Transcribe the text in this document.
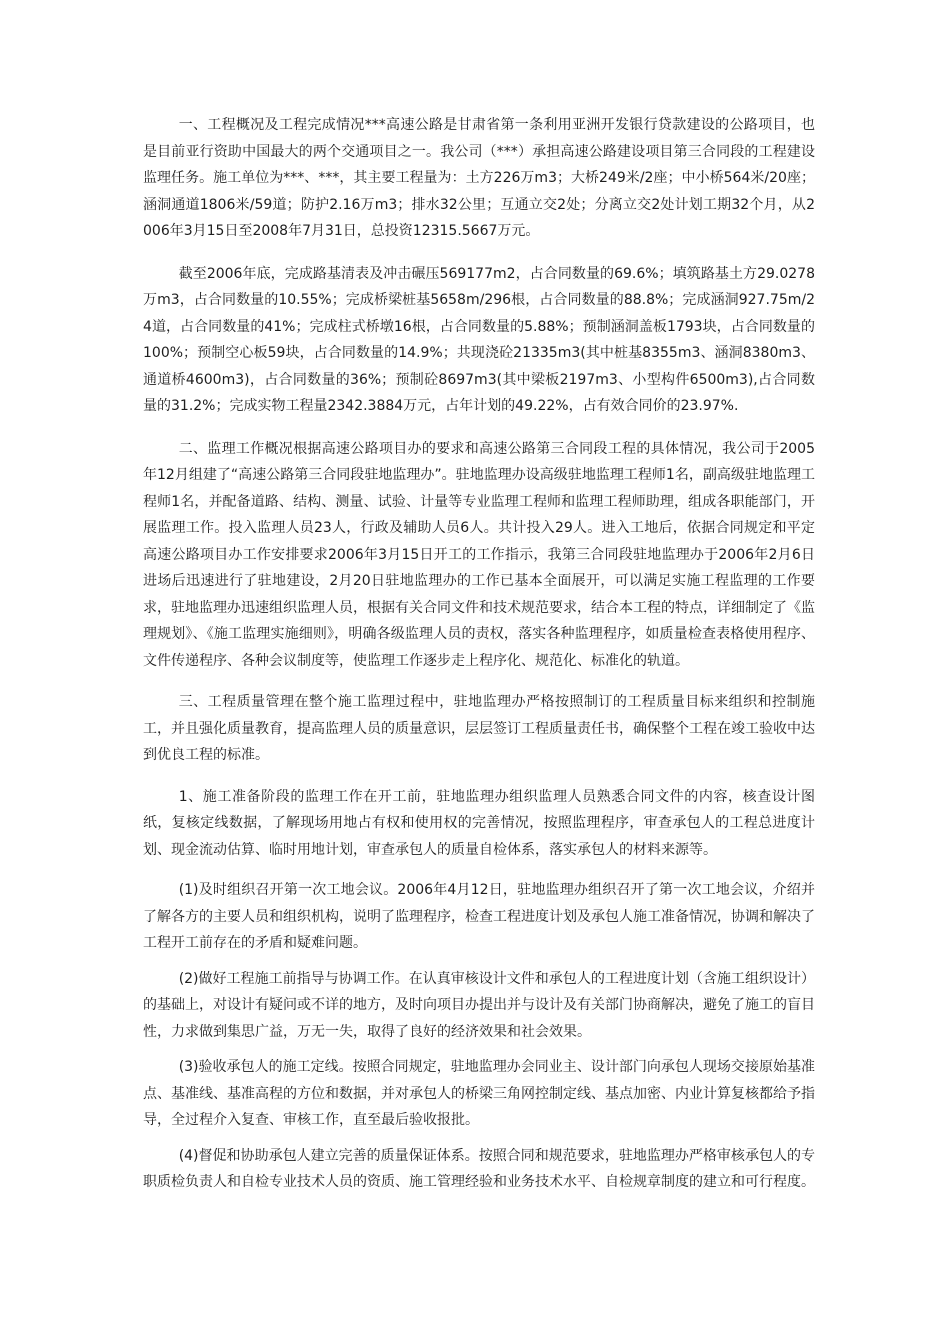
一、工程概况及工程完成情况***高速公路是甘肃省第一条利用亚洲开发银行贷款建设的公路项目，也是目前亚行资助中国最大的两个交通项目之一。我公司（***）承担高速公路建设项目第三合同段的工程建设监理任务。施工单位为***、***，其主要工程量为：土方226万m3；大桥249米/2座；中小桥564米/20座；涵洞通道1806米/59道；防护2.16万m3；排水32公里；互通立交2处；分离立交2处计划工期32个月，从2006年3月15日至2008年7月31日，总投资12315.5667万元。

截至2006年底，完成路基清表及冲击碾压569177m2，占合同数量的69.6%；填筑路基土方29.0278万m3，占合同数量的10.55%；完成桥梁桩基5658m/296根，占合同数量的88.8%；完成涵洞927.75m/24道，占合同数量的41%；完成柱式桥墩16根，占合同数量的5.88%；预制涵洞盖板1793块，占合同数量的100%；预制空心板59块，占合同数量的14.9%；共现浇砼21335m3(其中桩基8355m3、涵洞8380m3、通道桥4600m3)，占合同数量的36%；预制砼8697m3(其中梁板2197m3、小型构件6500m3),占合同数量的31.2%；完成实物工程量2342.3884万元，占年计划的49.22%，占有效合同价的23.97%.

二、监理工作概况根据高速公路项目办的要求和高速公路第三合同段工程的具体情况，我公司于2005年12月组建了“高速公路第三合同段驻地监理办”。驻地监理办设高级驻地监理工程师1名，副高级驻地监理工程师1名，并配备道路、结构、测量、试验、计量等专业监理工程师和监理工程师助理，组成各职能部门，开展监理工作。投入监理人员23人，行政及辅助人员6人。共计投入29人。进入工地后，依据合同规定和平定高速公路项目办工作安排要求2006年3月15日开工的工作指示，我第三合同段驻地监理办于2006年2月6日进场后迅速进行了驻地建设，2月20日驻地监理办的工作已基本全面展开，可以满足实施工程监理的工作要求，驻地监理办迅速组织监理人员，根据有关合同文件和技术规范要求，结合本工程的特点，详细制定了《监理规划》、《施工监理实施细则》，明确各级监理人员的责权，落实各种监理程序，如质量检查表格使用程序、文件传递程序、各种会议制度等，使监理工作逐步走上程序化、规范化、标准化的轨道。

三、工程质量管理在整个施工监理过程中，驻地监理办严格按照制订的工程质量目标来组织和控制施工，并且强化质量教育，提高监理人员的质量意识，层层签订工程质量责任书，确保整个工程在竣工验收中达到优良工程的标准。

1、施工准备阶段的监理工作在开工前，驻地监理办组织监理人员熟悉合同文件的内容，核查设计图纸，复核定线数据，了解现场用地占有权和使用权的完善情况，按照监理程序，审查承包人的工程总进度计划、现金流动估算、临时用地计划，审查承包人的质量自检体系，落实承包人的材料来源等。

(1)及时组织召开第一次工地会议。2006年4月12日，驻地监理办组织召开了第一次工地会议，介绍并了解各方的主要人员和组织机构，说明了监理程序，检查工程进度计划及承包人施工准备情况，协调和解决了工程开工前存在的矛盾和疑难问题。

(2)做好工程施工前指导与协调工作。在认真审核设计文件和承包人的工程进度计划（含施工组织设计）的基础上，对设计有疑问或不详的地方，及时向项目办提出并与设计及有关部门协商解决，避免了施工的盲目性，力求做到集思广益，万无一失，取得了良好的经济效果和社会效果。

(3)验收承包人的施工定线。按照合同规定，驻地监理办会同业主、设计部门向承包人现场交接原始基准点、基准线、基准高程的方位和数据，并对承包人的桥梁三角网控制定线、基点加密、内业计算复核都给予指导，全过程介入复查、审核工作，直至最后验收报批。

(4)督促和协助承包人建立完善的质量保证体系。按照合同和规范要求，驻地监理办严格审核承包人的专职质检负责人和自检专业技术人员的资质、施工管理经验和业务技术水平、自检规章制度的建立和可行程度。
